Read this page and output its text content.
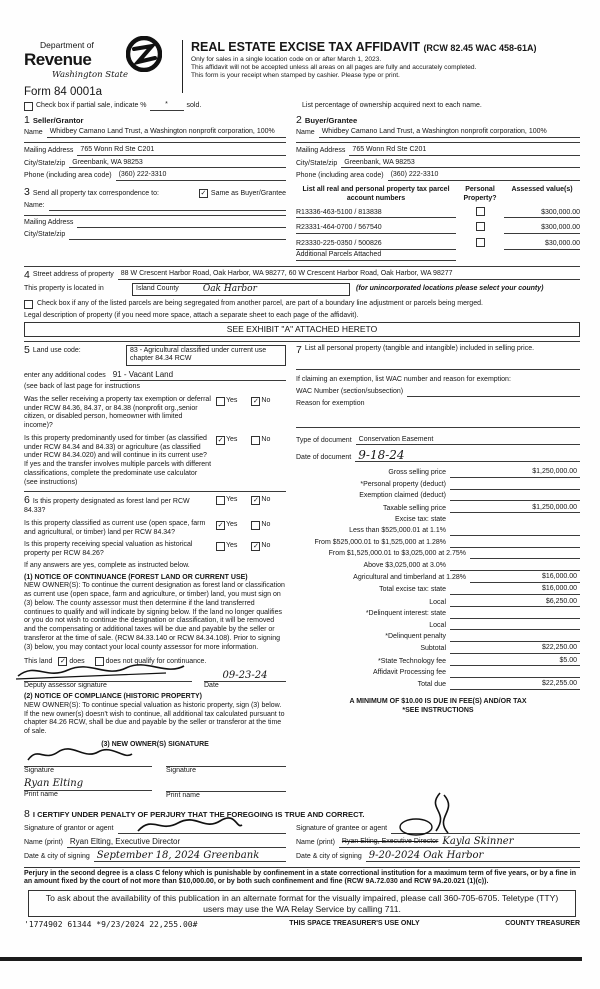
Department of
Revenue
Washington State
Form 84 0001a
REAL ESTATE EXCISE TAX AFFIDAVIT (RCW 82.45 WAC 458-61A)
Only for sales in a single location code on or after March 1, 2023.
This affidavit will not be accepted unless all areas on all pages are fully and accurately completed.
This form is your receipt when stamped by cashier. Please type or print.
Check box if partial sale, indicate %	*	sold.	List percentage of ownership acquired next to each name.
1 Seller/Grantor
Name	Whidbey Camano Land Trust, a Washington nonprofit corporation, 100%
Mailing Address	765 Wonn Rd Ste C201
City/State/zip	Greenbank, WA 98253
Phone (including area code)	(360) 222-3310
3 Send all property tax correspondence to:	✓ Same as Buyer/Grantee
Name:
Mailing Address
City/State/zip
2 Buyer/Grantee
Name	Whidbey Camano Land Trust, a Washington nonprofit corporation, 100%
Mailing Address	765 Wonn Rd Ste C201
City/State/zip	Greenbank, WA 98253
Phone (including area code)	(360) 222-3310
List all real and personal property tax parcel account numbers
Personal Property?
Assessed value(s)
R13336-463-5100 / 813838	$300,000.00
R23331-464-0700 / 567540	$300,000.00
R23330-225-0350 / 500826	$30,000.00
Additional Parcels Attached
4 Street address of property	88 W Crescent Harbor Road, Oak Harbor, WA 98277, 60 W Crescent Harbor Road, Oak Harbor, WA 98277
This property is located in	Island County	Oak Harbor	(for unincorporated locations please select your county)
Check box if any of the listed parcels are being segregated from another parcel, are part of a boundary line adjustment or parcels being merged.
Legal description of property (if you need more space, attach a separate sheet to each page of the affidavit).
SEE EXHIBIT "A" ATTACHED HERETO
5 Land use code:	83 - Agricultural classified under current use chapter 84.34 RCW
enter any additional codes 91 - Vacant Land
(see back of last page for instructions
Was the seller receiving a property tax exemption or deferral under RCW 84.36, 84.37, or 84.38 (nonprofit org.,senior citizen, or disabled person, homeowner with limited income)?
Yes ✓ No
Is this property predominantly used for timber (as classified under RCW 84.34 and 84.33) or agriculture (as classified under RCW 84.34.020) and will continue in its current use? If yes and the transfer involves multiple parcels with different classifications, complete the predominate use calculator (see instructions)
✓ Yes	No
6 Is this property designated as forest land per RCW 84.33?
Yes ✓ No
Is this property classified as current use (open space, farm and agricultural, or timber) land per RCW 84.34?
✓ Yes	No
Is this property receiving special valuation as historical property per RCW 84.26?
Yes ✓ No
If any answers are yes, complete as instructed below.
(1) NOTICE OF CONTINUANCE (FOREST LAND OR CURRENT USE)
NEW OWNER(S): To continue the current designation as forest land or classification as current use (open space, farm and agriculture, or timber) land, you must sign on (3) below. The county assessor must then determine if the land transferred continues to qualify and will indicate by signing below. If the land no longer qualifies or you do not wish to continue the designation or classification, it will be removed and the compensating or additional taxes will be due and payable by the seller or transferor at the time of sale. (RCW 84.33.140 or RCW 84.34.108). Prior to signing (3) below, you may contact your local county assessor for more information.
This land ✓ does	does not qualify for continuance.
09-23-24
Deputy assessor signature	Date
(2) NOTICE OF COMPLIANCE (HISTORIC PROPERTY)
NEW OWNER(S): To continue special valuation as historic property, sign (3) below. If the new owner(s) doesn't wish to continue, all additional tax calculated pursuant to chapter 84.26 RCW, shall be due and payable by the seller or transferor at the time of sale.
(3) NEW OWNER(S) SIGNATURE
Signature
Ryan Elting
Print name
Signature
Print name
7 List all personal property (tangible and intangible) included in selling price.
If claiming an exemption, list WAC number and reason for exemption:
WAC Number (section/subsection)
Reason for exemption
Type of document	Conservation Easement
Date of document 9-18-24
Gross selling price	$1,250,000.00
*Personal property (deduct)
Exemption claimed (deduct)
Taxable selling price	$1,250,000.00
Excise tax: state
Less than $525,000.01 at 1.1%
From $525,000.01 to $1,525,000 at 1.28%
From $1,525,000.01 to $3,025,000 at 2.75%
Above $3,025,000 at 3.0%
Agricultural and timberland at 1.28%	$16,000.00
Total excise tax: state	$16,000.00
Local	$6,250.00
*Delinquent interest: state
Local
*Delinquent penalty
Subtotal	$22,250.00
*State Technology fee	$5.00
Affidavit Processing fee
Total due	$22,255.00
A MINIMUM OF $10.00 IS DUE IN FEE(S) AND/OR TAX
*SEE INSTRUCTIONS
8 I CERTIFY UNDER PENALTY OF PERJURY THAT THE FOREGOING IS TRUE AND CORRECT.
Signature of grantor or agent
Name (print) Ryan Elting, Executive Director
Date & city of signing September 18, 2024 Greenbank
Signature of grantee or agent
Name (print)	Ryan Elting, Executive Director Kayla Skinner
Date & city of signing 9-20-2024 Oak Harbor
Perjury in the second degree is a class C felony which is punishable by confinement in a state correctional institution for a maximum term of five years, or by a fine in an amount fixed by the court of not more than $10,000.00, or by both such confinement and fine (RCW 9A.72.030 and RCW 9A.20.021 (1)(c)).
To ask about the availability of this publication in an alternate format for the visually impaired, please call 360-705-6705. Teletype (TTY) users may use the WA Relay Service by calling 711.
'1774902 61344 *9/23/2024 22,255.00#	THIS SPACE TREASURER'S USE ONLY	COUNTY TREASURER
